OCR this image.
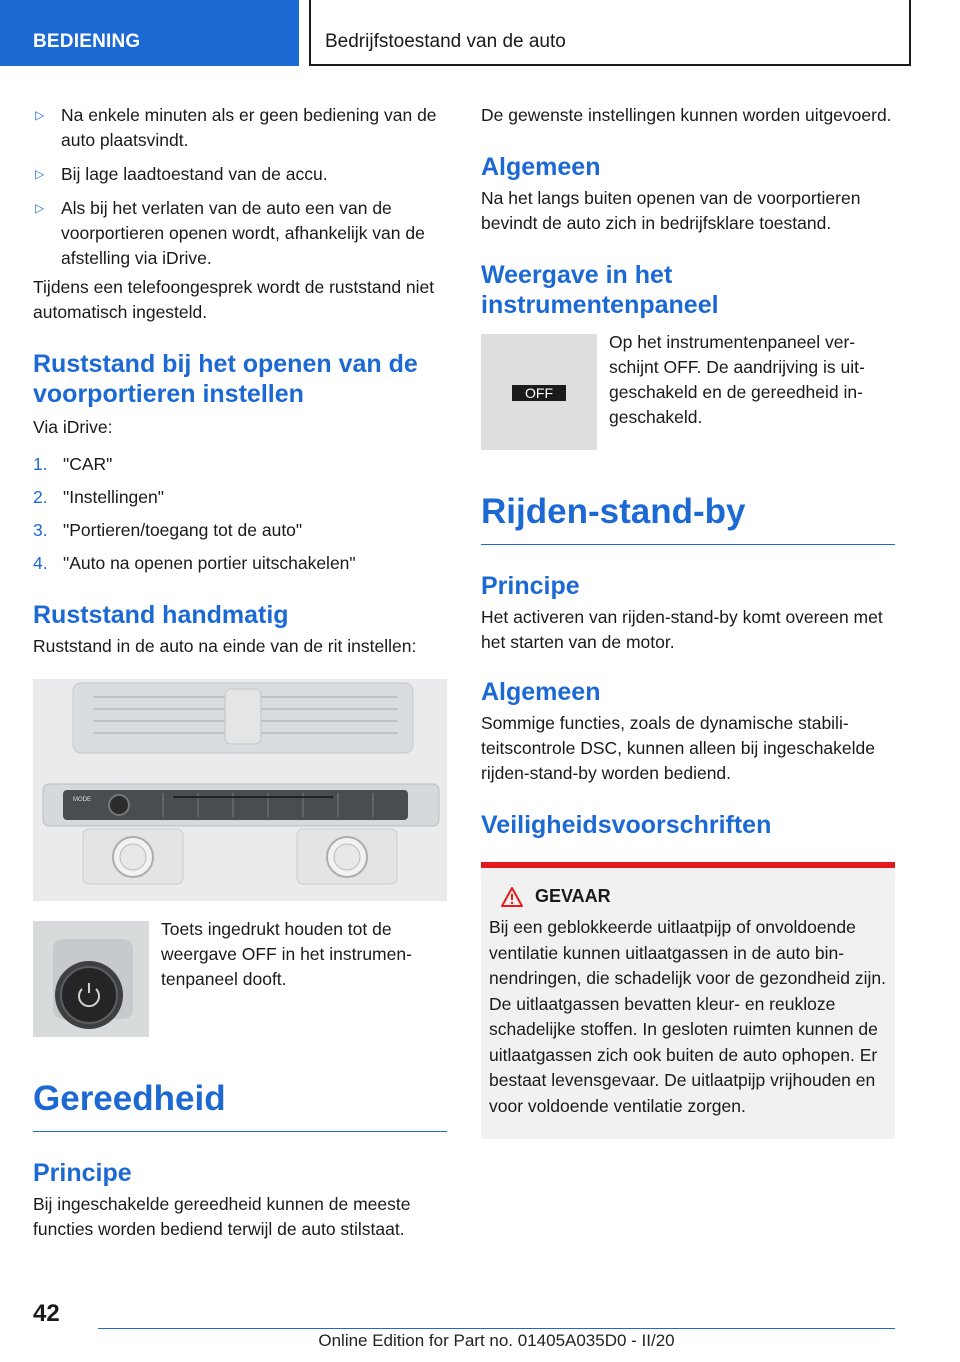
BEDIENING	Bedrijfstoestand van de auto
▷ Na enkele minuten als er geen bediening van de auto plaatsvindt.
▷ Bij lage laadtoestand van de accu.
▷ Als bij het verlaten van de auto een van de voorportieren openen wordt, afhankelijk van de afstelling via iDrive.

Tijdens een telefoongesprek wordt de ruststand niet automatisch ingesteld.

Ruststand bij het openen van de voorportieren instellen

Via iDrive:

1. "CAR"
2. "Instellingen"
3. "Portieren/toegang tot de auto"
4. "Auto na openen portier uitschakelen"
Ruststand handmatig

Ruststand in de auto na einde van de rit instellen:

MODE

Toets ingedrukt houden tot de weergave OFF in het instrumentenpaneel dooft.

Gereedheid
Principe

Bij ingeschakelde gereedheid kunnen de meeste functies worden bediend terwijl de auto stilstaat.

De gewenste instellingen kunnen worden uitgevoerd.

Algemeen

Na het langs buiten openen van de voorportieren bevindt de auto zich in bedrijfsklare toestand.

Weergave in het instrumentenpaneel
OFF

Op het instrumentenpaneel verschijnt OFF. De aandrijving is uitgeschakeld en de gereedheid ingeschakeld.

Rijden-stand-by
Principe

Het activeren van rijden-stand-by komt overeen met het starten van de motor.

Algemeen

Sommige functies, zoals de dynamische stabiliteitscontrole DSC, kunnen alleen bij ingeschakelde rijden-stand-by worden bediend.

Veiligheidsvoorschriften
GEVAAR

Bij een geblokkeerde uitlaatpijp of onvoldoende ventilatie kunnen uitlaatgassen in de auto binnendringen, die schadelijk voor de gezondheid zijn. De uitlaatgassen bevatten kleur- en reukloze schadelijke stoffen. In gesloten ruimten kunnen de uitlaatgassen zich ook buiten de auto ophopen. Er bestaat levensgevaar. De uitlaatpijp vrijhouden en voor voldoende ventilatie zorgen.

42
Online Edition for Part no. 01405A035D0 - II/20
